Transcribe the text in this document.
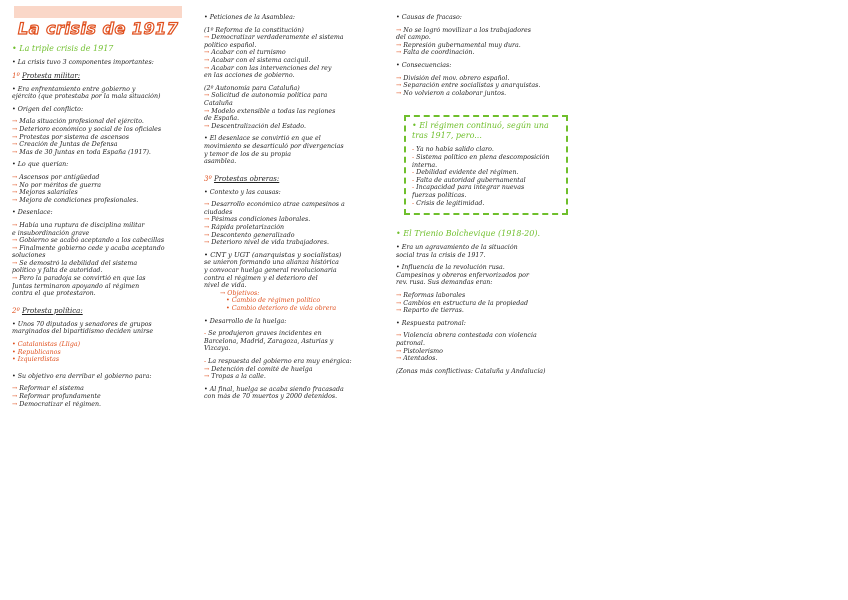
La crisis de 1917
• La triple crisis de 1917
• La crisis tuvo 3 componentes importantes:
1º Protesta militar:
• Era enfrentamiento entre gobierno y
ejército (que protestaba por la mala situación)
• Origen del conflicto:
→ Mala situación profesional del ejército.
→ Deterioro económico y social de los oficiales
→ Protestas por sistema de ascensos
→ Creación de Juntas de Defensa
→ Mas de 30 Juntas en toda España (1917).
• Lo que querían:
→ Ascensos por antigüedad
→ No por méritos de guerra
→ Mejoras salariales
→ Mejora de condiciones profesionales.
• Desenlace:
→ Había una ruptura de disciplina militar
e insubordinación grave
→ Gobierno se acabó aceptando a los cabecillas
→ Finalmente gobierno cede y acaba aceptando
soluciones
→ Se demostró la debilidad del sistema
político y falta de autoridad.
→ Pero la paradoja se convirtió en que las
Juntas terminaron apoyando al régimen
contra el que protestaron.
2º Protesta política:
• Unos 70 diputados y senadores de grupos
marginados del bipartidismo deciden unirse
• Catalanistas (Lliga)
• Republicanos
• Izquierdistas
• Su objetivo era derribar el gobierno para:
→ Reformar el sistema
→ Reformar profundamente
→ Democratizar el régimen.
• Peticiones de la Asamblea:
(1º Reforma de la constitución)
→ Democratizar verdaderamente el sistema
político español.
→ Acabar con el turnismo
→ Acabar con el sistema caciquil.
→ Acabar con las intervenciones del rey
en las acciones de gobierno.
(2º Autonomía para Cataluña)
→ Solicitud de autonomía política para
Cataluña
→ Modelo extensible a todas las regiones
de España.
→ Descentralización del Estado.
• El desenlace se convirtió en que el
movimiento se desarticuló por divergencias
y temor de los de su propia
asamblea.
3º Protestas obreras:
• Contexto y las causas:
→ Desarrollo económico atrae campesinos a
ciudades
→ Pésimas condiciones laborales.
→ Rápida proletarización
→ Descontento generalizado
→ Deterioro nivel de vida trabajadores.
• CNT y UGT (anarquistas y socialistas)
se unieron formando una alianza histórica
y convocar huelga general revolucionaria
contra el régimen y el deterioro del
nivel de vida.
→ Objetivos:
• Cambio de régimen político
• Cambio deterioro de vida obrera
• Desarrollo de la huelga:
- Se produjeron graves incidentes en
Barcelona, Madrid, Zaragoza, Asturias y
Vizcaya.
- La respuesta del gobierno era muy enérgica:
→ Detención del comité de huelga
→ Tropas a la calle.
• Al final, huelga se acaba siendo fracasada
con más de 70 muertos y 2000 detenidos.
• Causas de fracaso:
→ No se logró movilizar a los trabajadores
del campo.
→ Represión gubernamental muy dura.
→ Falta de coordinación.
• Consecuencias:
→ División del mov. obrero español.
→ Separación entre socialistas y anarquistas.
→ No volvieron a colaborar juntos.
• El régimen continuó, según una
tras 1917, pero...
- Ya no había salido claro.
- Sistema político en plena descomposición
interna.
- Debilidad evidente del régimen.
- Falta de autoridad gubernamental
- Incapacidad para integrar nuevas
fuerzas políticas.
- Crisis de legitimidad.
• El Trienio Bolchevique (1918-20).
• Era un agravamiento de la situación
social tras la crisis de 1917.
• Influencia de la revolución rusa.
Campesinos y obreros enfervorizados por
rev. rusa. Sus demandas eran:
→ Reformas laborales
→ Cambios en estructura de la propiedad
→ Reparto de tierras.
• Respuesta patronal:
→ Violencia obrera contestada con violencia
patronal.
→ Pistolerismo
→ Atentados.
(Zonas más conflictivas: Cataluña y Andalucía)
